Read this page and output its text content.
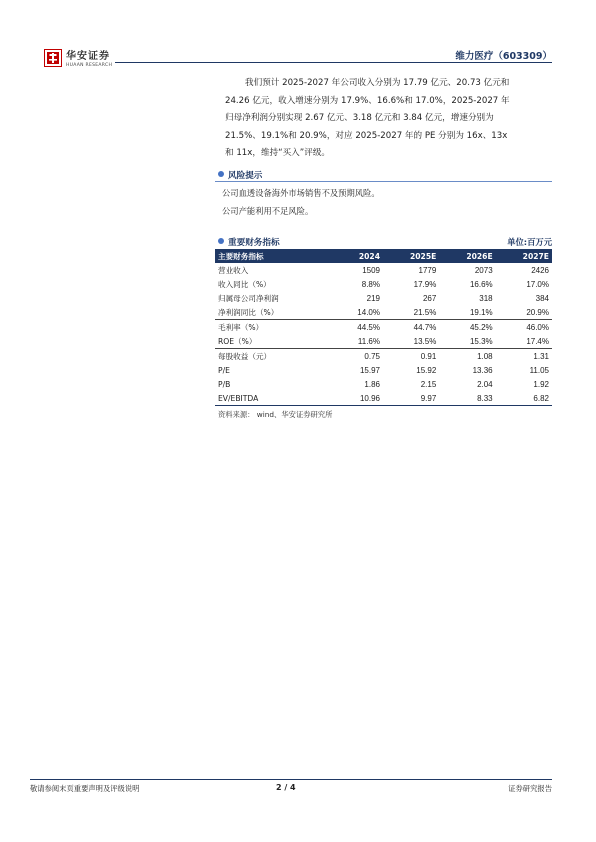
华安证券
HUAAN RESEARCH
维力医疗（603309）
我们预计 2025-2027 年公司收入分别为 17.79 亿元、20.73 亿元和
24.26 亿元，收入增速分别为 17.9%、16.6%和 17.0%，2025-2027 年
归母净利润分别实现 2.67 亿元、3.18 亿元和 3.84 亿元，增速分别为
21.5%、19.1%和 20.9%，对应 2025-2027 年的 PE 分别为 16x、13x
和 11x，维持“买入”评级。
风险提示
公司血透设备海外市场销售不及预期风险。
公司产能利用不足风险。
重要财务指标	单位:百万元
主要财务指标	2024	2025E	2026E	2027E
营业收入	1509	1779	2073	2426
收入同比（%）	8.8%	17.9%	16.6%	17.0%
归属母公司净利润	219	267	318	384
净利润同比（%）	14.0%	21.5%	19.1%	20.9%
毛利率（%）	44.5%	44.7%	45.2%	46.0%
ROE（%）	11.6%	13.5%	15.3%	17.4%
每股收益（元）	0.75	0.91	1.08	1.31
P/E	15.97	15.92	13.36	11.05
P/B	1.86	2.15	2.04	1.92
EV/EBITDA	10.96	9.97	8.33	6.82
资料来源： wind、华安证券研究所
敬请参阅末页重要声明及评级说明	2 / 4	证券研究报告
